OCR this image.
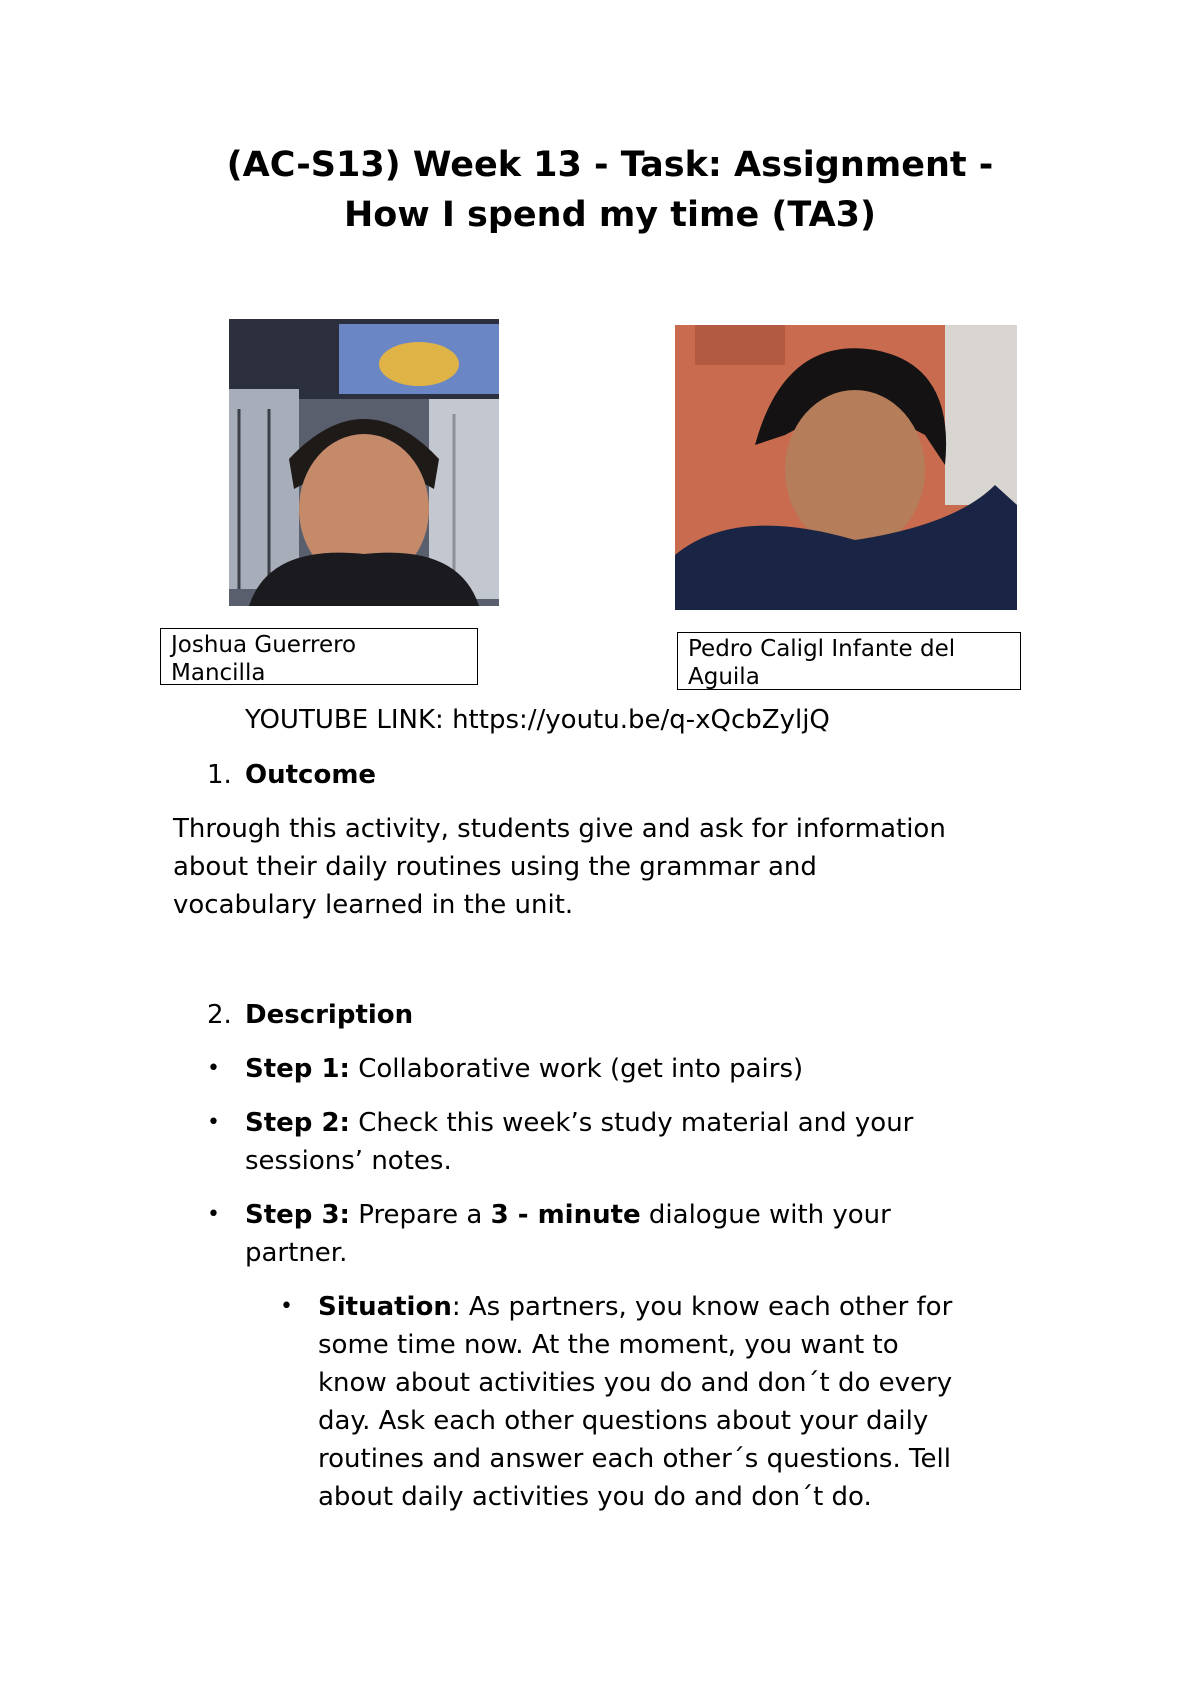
(AC-S13) Week 13 - Task: Assignment -
How I spend my time (TA3)
Joshua Guerrero
Mancilla
Pedro Caligl Infante del
Aguila
YOUTUBE LINK: https://youtu.be/q-xQcbZyljQ
1. Outcome
Through this activity, students give and ask for information
about their daily routines using the grammar and
vocabulary learned in the unit.
2. Description
• Step 1: Collaborative work (get into pairs)
• Step 2: Check this week’s study material and your
sessions’ notes.
• Step 3: Prepare a 3 - minute dialogue with your
partner.
• Situation: As partners, you know each other for
some time now. At the moment, you want to
know about activities you do and don´t do every
day. Ask each other questions about your daily
routines and answer each other´s questions. Tell
about daily activities you do and don´t do.
